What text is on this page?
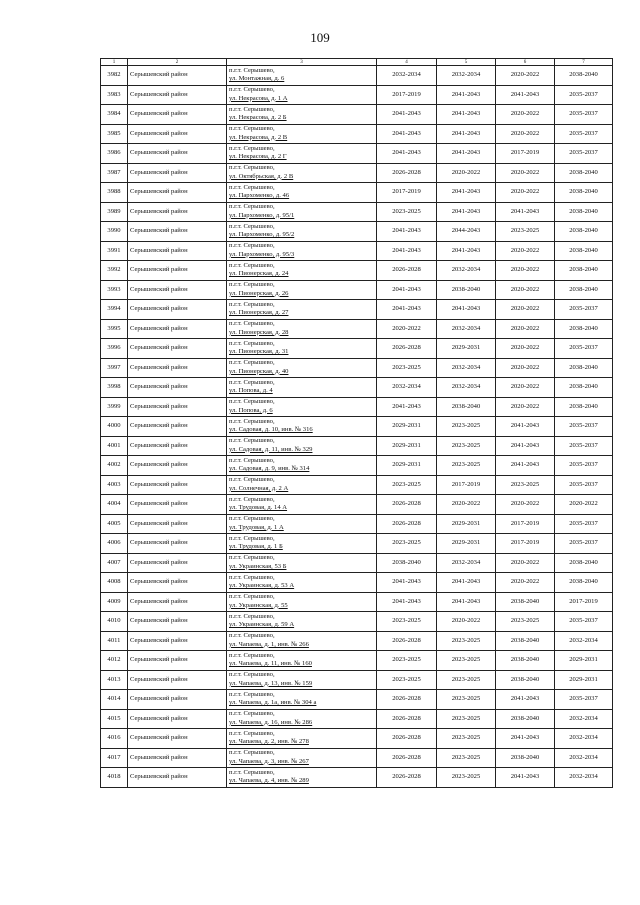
109
1	2	3	4	5	6	7
3982	Серышевский район	п.г.т. Серышево,
ул. Монтажная, д. 6	2032-2034	2032-2034	2020-2022	2038-2040
3983	Серышевский район	п.г.т. Серышево,
ул. Некрасова, д. 1 А	2017-2019	2041-2043	2041-2043	2035-2037
3984	Серышевский район	п.г.т. Серышево,
ул. Некрасова, д. 2 Б	2041-2043	2041-2043	2020-2022	2035-2037
3985	Серышевский район	п.г.т. Серышево,
ул. Некрасова, д. 2 В	2041-2043	2041-2043	2020-2022	2035-2037
3986	Серышевский район	п.г.т. Серышево,
ул. Некрасова, д. 2 Г	2041-2043	2041-2043	2017-2019	2035-2037
3987	Серышевский район	п.г.т. Серышево,
ул. Октябрьская, д. 2 В	2026-2028	2020-2022	2020-2022	2038-2040
3988	Серышевский район	п.г.т. Серышево,
ул. Пархоменко, д. 46	2017-2019	2041-2043	2020-2022	2038-2040
3989	Серышевский район	п.г.т. Серышево,
ул. Пархоменко, д. 95/1	2023-2025	2041-2043	2041-2043	2038-2040
3990	Серышевский район	п.г.т. Серышево,
ул. Пархоменко, д. 95/2	2041-2043	2044-2043	2023-2025	2038-2040
3991	Серышевский район	п.г.т. Серышево,
ул. Пархоменко, д. 95/3	2041-2043	2041-2043	2020-2022	2038-2040
3992	Серышевский район	п.г.т. Серышево,
ул. Пионерская, д. 24	2026-2028	2032-2034	2020-2022	2038-2040
3993	Серышевский район	п.г.т. Серышево,
ул. Пионерская, д. 26	2041-2043	2038-2040	2020-2022	2038-2040
3994	Серышевский район	п.г.т. Серышево,
ул. Пионерская, д. 27	2041-2043	2041-2043	2020-2022	2035-2037
3995	Серышевский район	п.г.т. Серышево,
ул. Пионерская, д. 28	2020-2022	2032-2034	2020-2022	2038-2040
3996	Серышевский район	п.г.т. Серышево,
ул. Пионерская, д. 31	2026-2028	2029-2031	2020-2022	2035-2037
3997	Серышевский район	п.г.т. Серышево,
ул. Пионерская, д. 40	2023-2025	2032-2034	2020-2022	2038-2040
3998	Серышевский район	п.г.т. Серышево,
ул. Попова, д. 4	2032-2034	2032-2034	2020-2022	2038-2040
3999	Серышевский район	п.г.т. Серышево,
ул. Попова, д. 6	2041-2043	2038-2040	2020-2022	2038-2040
4000	Серышевский район	п.г.т. Серышево,
ул. Садовая, д. 10, инв. № 316	2029-2031	2023-2025	2041-2043	2035-2037
4001	Серышевский район	п.г.т. Серышево,
ул. Садовая, д. 11, инв. № 329	2029-2031	2023-2025	2041-2043	2035-2037
4002	Серышевский район	п.г.т. Серышево,
ул. Садовая, д. 9, инв. № 314	2029-2031	2023-2025	2041-2043	2035-2037
4003	Серышевский район	п.г.т. Серышево,
ул. Солнечная, д. 2 А	2023-2025	2017-2019	2023-2025	2035-2037
4004	Серышевский район	п.г.т. Серышево,
ул. Трудовая, д. 14 А	2026-2028	2020-2022	2020-2022	2020-2022
4005	Серышевский район	п.г.т. Серышево,
ул. Трудовая, д. 1 А	2026-2028	2029-2031	2017-2019	2035-2037
4006	Серышевский район	п.г.т. Серышево,
ул. Трудовая, д. 1 Б	2023-2025	2029-2031	2017-2019	2035-2037
4007	Серышевский район	п.г.т. Серышево,
ул. Украинская, 53 Б	2038-2040	2032-2034	2020-2022	2038-2040
4008	Серышевский район	п.г.т. Серышево,
ул. Украинская, д. 53 А	2041-2043	2041-2043	2020-2022	2038-2040
4009	Серышевский район	п.г.т. Серышево,
ул. Украинская, д. 55	2041-2043	2041-2043	2038-2040	2017-2019
4010	Серышевский район	п.г.т. Серышево,
ул. Украинская, д. 59 А	2023-2025	2020-2022	2023-2025	2035-2037
4011	Серышевский район	п.г.т. Серышево,
ул. Чапаева, д. 1, инв. № 266	2026-2028	2023-2025	2038-2040	2032-2034
4012	Серышевский район	п.г.т. Серышево,
ул. Чапаева, д. 11, инв. № 160	2023-2025	2023-2025	2038-2040	2029-2031
4013	Серышевский район	п.г.т. Серышево,
ул. Чапаева, д. 13, инв. № 159	2023-2025	2023-2025	2038-2040	2029-2031
4014	Серышевский район	п.г.т. Серышево,
ул. Чапаева, д. 1а, инв. № 304 а	2026-2028	2023-2025	2041-2043	2035-2037
4015	Серышевский район	п.г.т. Серышево,
ул. Чапаева, д. 16, инв. № 286	2026-2028	2023-2025	2038-2040	2032-2034
4016	Серышевский район	п.г.т. Серышево,
ул. Чапаева, д. 2, инв. № 278	2026-2028	2023-2025	2041-2043	2032-2034
4017	Серышевский район	п.г.т. Серышево,
ул. Чапаева, д. 3, инв. № 267	2026-2028	2023-2025	2038-2040	2032-2034
4018	Серышевский район	п.г.т. Серышево,
ул. Чапаева, д. 4, инв. № 289	2026-2028	2023-2025	2041-2043	2032-2034
